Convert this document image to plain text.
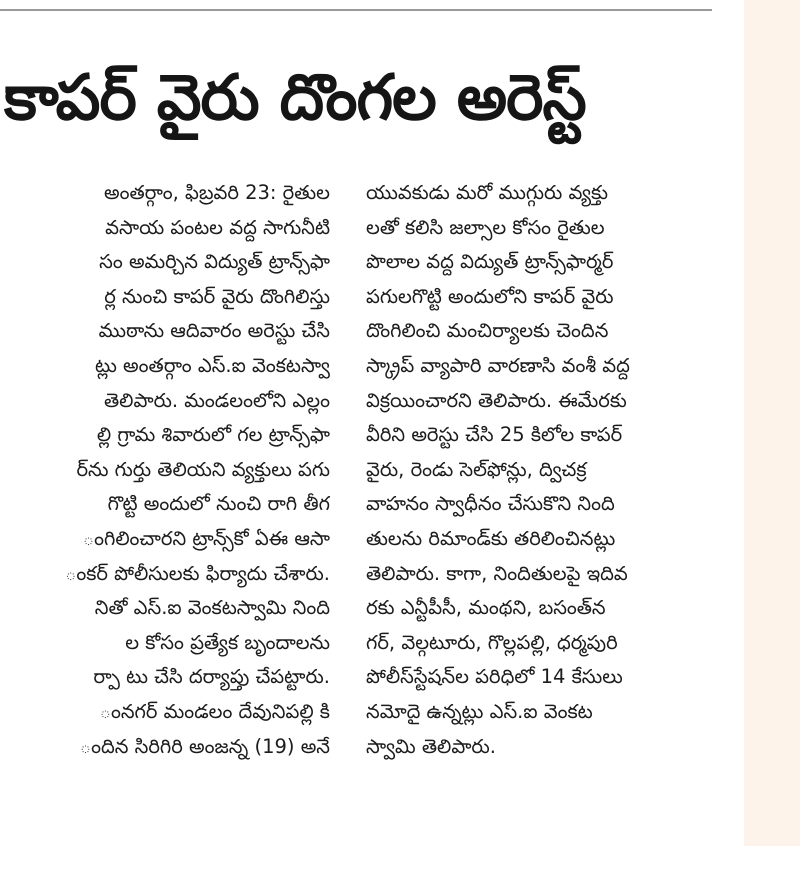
కాపర్ వైరు దొంగల అరెస్ట్
అంతర్గాం, ఫిబ్రవరి 23: రైతుల
వసాయ పంటల వద్ద సాగునీటి
సం అమర్చిన విద్యుత్ ట్రాన్స్‌ఫా
ర్ల నుంచి కాపర్ వైరు దొంగిలిస్తు
ముఠాను ఆదివారం అరెస్టు చేసి
ట్లు అంతర్గాం ఎస్.ఐ వెంకటస్వా
తెలిపారు. మండలంలోని ఎల్లం
ల్లి గ్రామ శివారులో గల ట్రాన్స్‌ఫా
ర్‌ను గుర్తు తెలియని వ్యక్తులు పగు
గొట్టి అందులో నుంచి రాగి తీగ
ంగిలించారని ట్రాన్స్‌కో ఏఈ ఆసా
ంకర్ పోలీసులకు ఫిర్యాదు చేశారు.
నితో ఎస్.ఐ వెంకటస్వామి నింది
ల కోసం ప్రత్యేక బృందాలను
ర్పా టు చేసి దర్యాప్తు చేపట్టారు.
ంనగర్ మండలం దేవునిపల్లి కి
ందిన సిరిగిరి అంజన్న (19) అనే
యువకుడు మరో ముగ్గురు వ్యక్తు
లతో కలిసి జల్సాల కోసం రైతుల
పొలాల వద్ద విద్యుత్ ట్రాన్స్‌ఫార్మర్
పగులగొట్టి అందులోని కాపర్ వైరు
దొంగిలించి మంచిర్యాలకు చెందిన
స్క్రాప్ వ్యాపారి వారణాసి వంశీ వద్ద
విక్రయించారని తెలిపారు. ఈమేరకు
వీరిని అరెస్టు చేసి 25 కిలోల కాపర్
వైరు, రెండు సెల్‌ఫోన్లు, ద్విచక్ర
వాహనం స్వాధీనం చేసుకొని నింది
తులను రిమాండ్‌కు తరిలించినట్లు
తెలిపారు. కాగా, నిందితులపై ఇదివ
రకు ఎన్టీపీసీ, మంథని, బసంత్‌న
గర్, వెల్గటూరు, గొల్లపల్లి, ధర్మపురి
పోలీస్‌స్టేషన్‌ల పరిధిలో 14 కేసులు
నమోదై ఉన్నట్లు ఎస్.ఐ వెంకట
స్వామి తెలిపారు.
